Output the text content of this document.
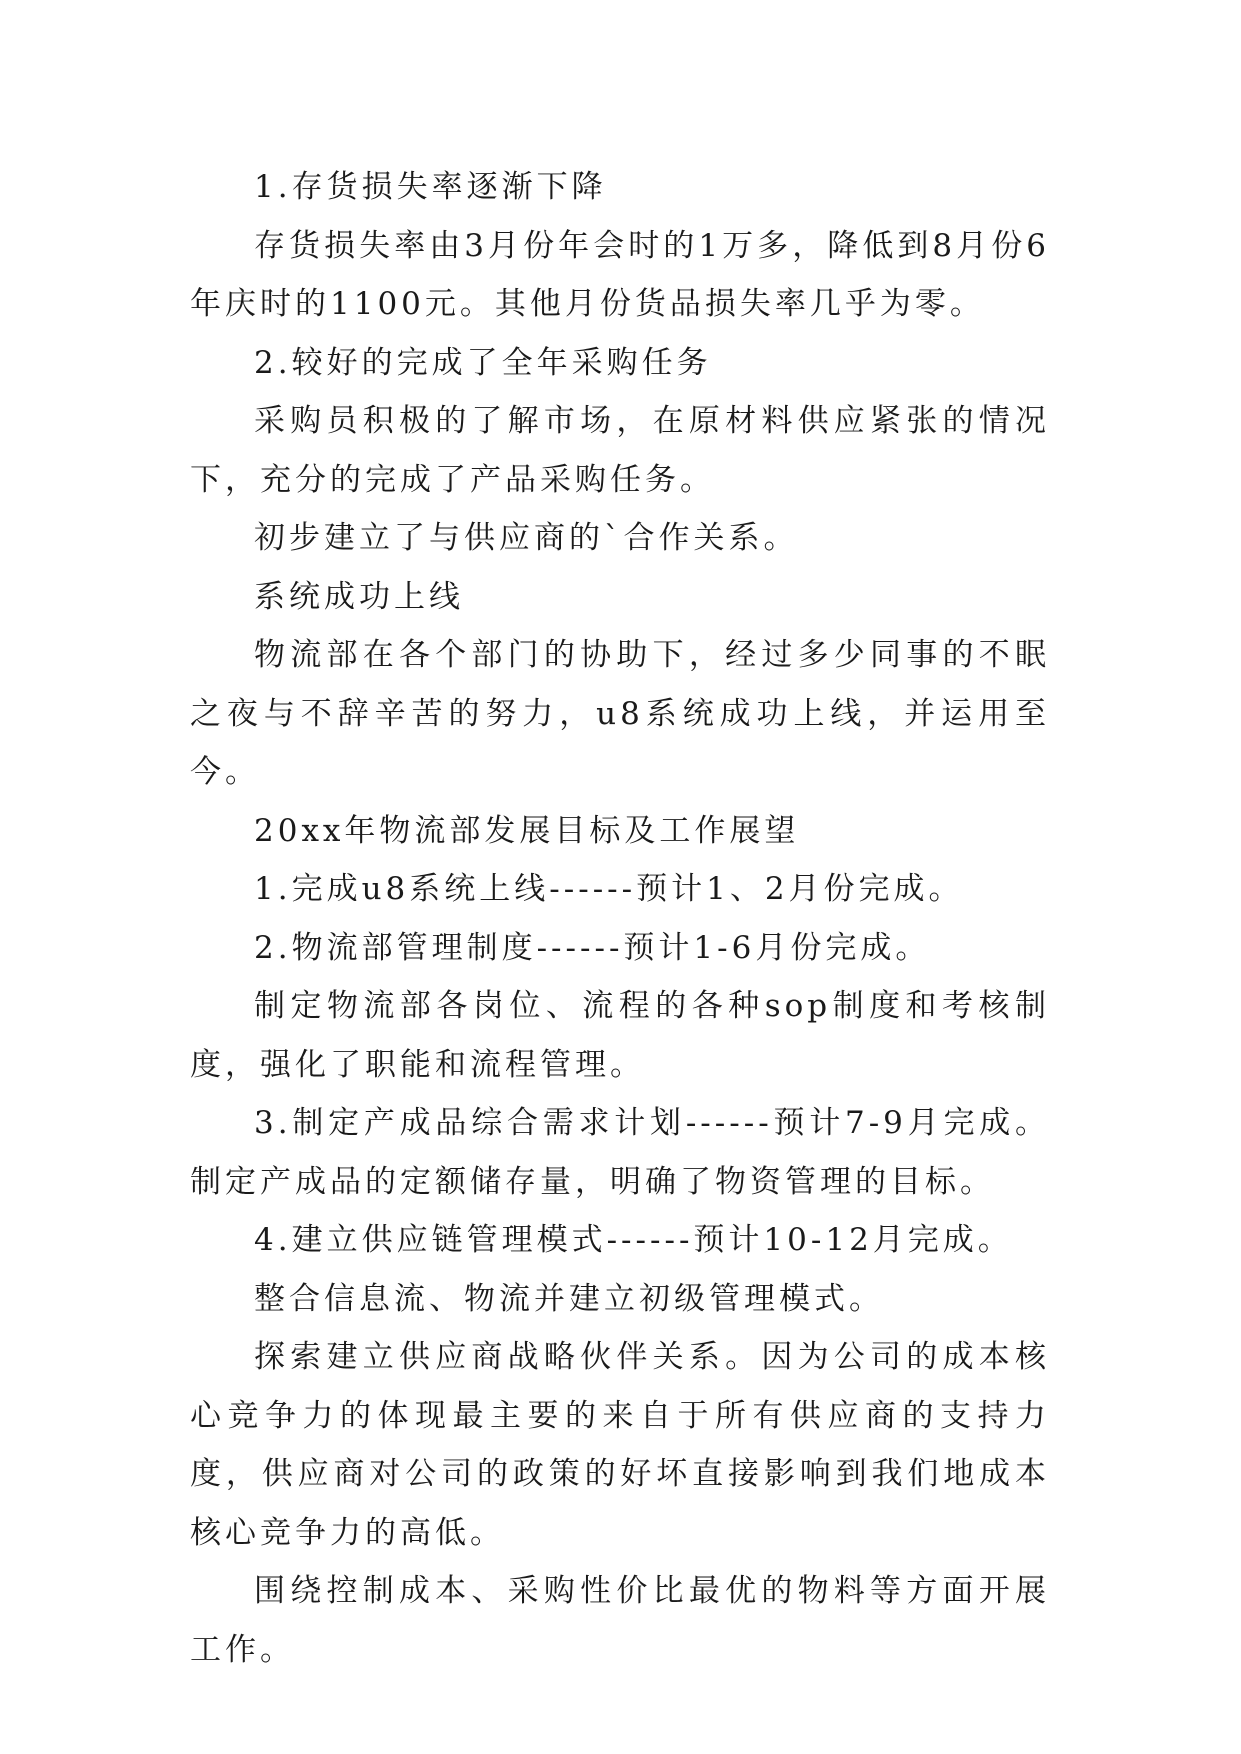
1.存货损失率逐渐下降

存货损失率由3月份年会时的1万多，降低到8月份6年庆时的1100元。其他月份货品损失率几乎为零。

2.较好的完成了全年采购任务

采购员积极的了解市场，在原材料供应紧张的情况下，充分的完成了产品采购任务。

初步建立了与供应商的`合作关系。

系统成功上线

物流部在各个部门的协助下，经过多少同事的不眠之夜与不辞辛苦的努力，u8系统成功上线，并运用至今。

20xx年物流部发展目标及工作展望

1.完成u8系统上线------预计1、2月份完成。

2.物流部管理制度------预计1-6月份完成。

制定物流部各岗位、流程的各种sop制度和考核制度，强化了职能和流程管理。

3.制定产成品综合需求计划------预计7-9月完成。制定产成品的定额储存量，明确了物资管理的目标。

4.建立供应链管理模式------预计10-12月完成。

整合信息流、物流并建立初级管理模式。

探索建立供应商战略伙伴关系。因为公司的成本核心竞争力的体现最主要的来自于所有供应商的支持力度，供应商对公司的政策的好坏直接影响到我们地成本核心竞争力的高低。

围绕控制成本、采购性价比最优的物料等方面开展工作。
